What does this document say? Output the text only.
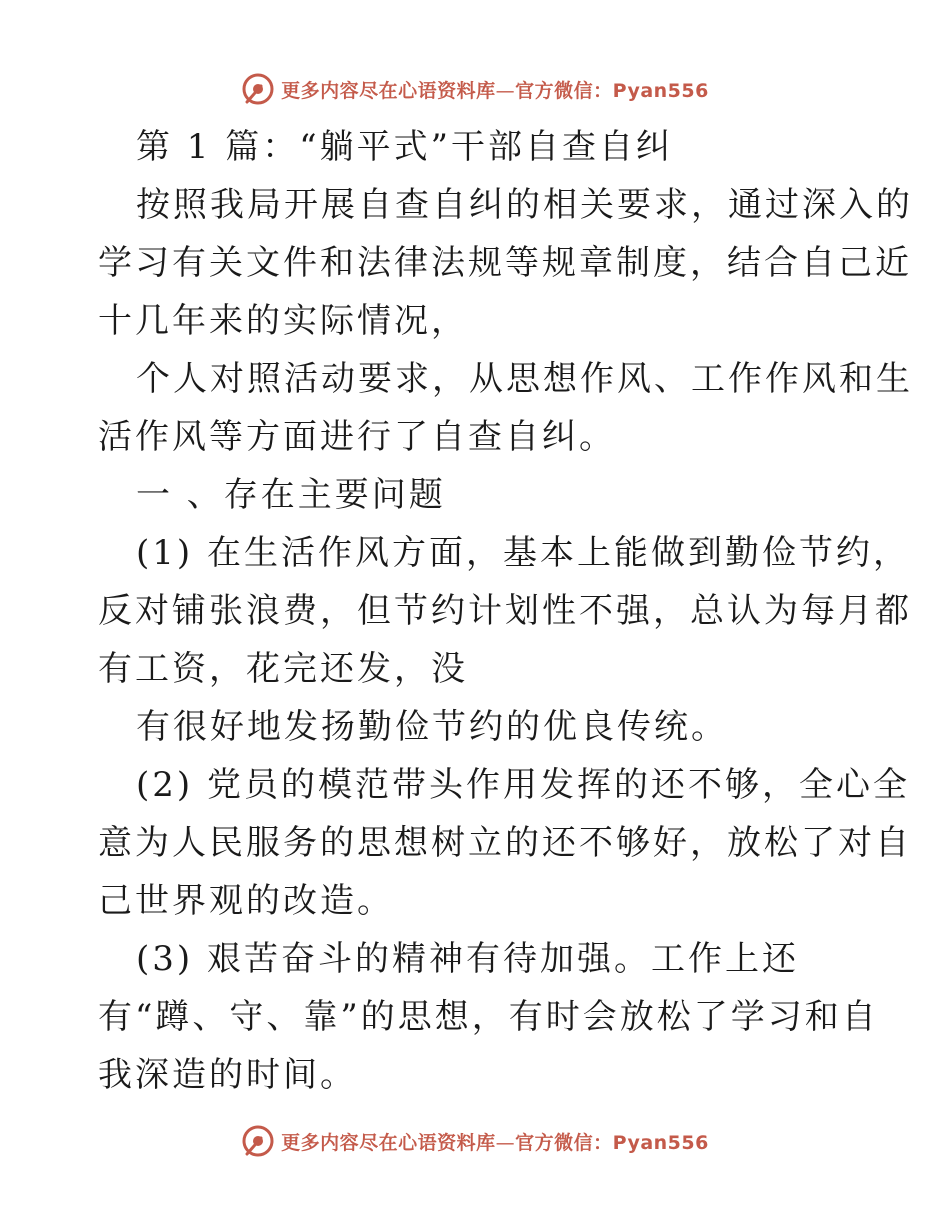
更多内容尽在心语资料库—官方微信：Pyan556

第 1 篇：“躺平式”干部自查自纠

按照我局开展自查自纠的相关要求，通过深入的

学习有关文件和法律法规等规章制度，结合自己近

十几年来的实际情况，

个人对照活动要求，从思想作风、工作作风和生

活作风等方面进行了自查自纠。

一 、存在主要问题

(1) 在生活作风方面，基本上能做到勤俭节约，

反对铺张浪费，但节约计划性不强，总认为每月都

有工资，花完还发，没

有很好地发扬勤俭节约的优良传统。

(2) 党员的模范带头作用发挥的还不够，全心全

意为人民服务的思想树立的还不够好，放松了对自

己世界观的改造。

(3) 艰苦奋斗的精神有待加强。工作上还

有“蹲、守、靠”的思想，有时会放松了学习和自

我深造的时间。

更多内容尽在心语资料库—官方微信：Pyan556
